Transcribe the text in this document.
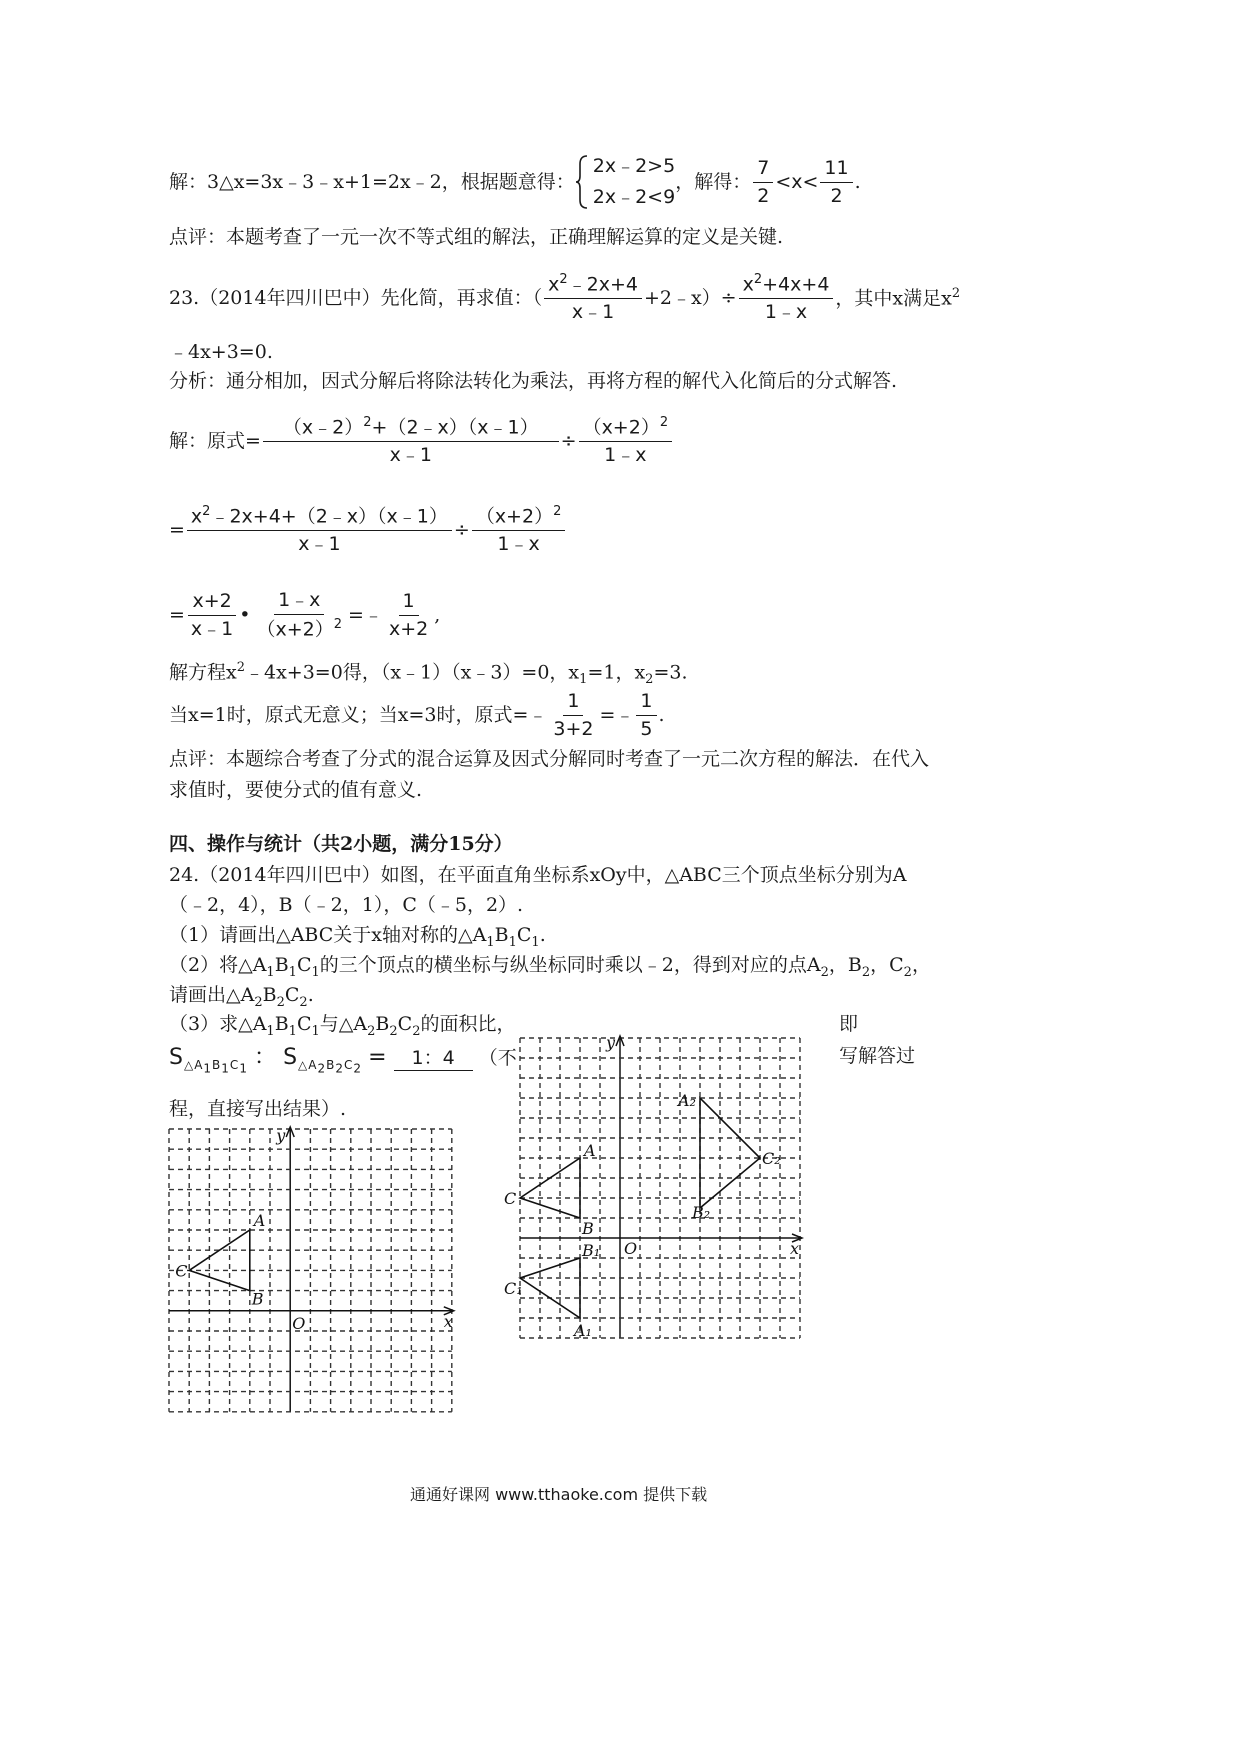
解：3△x=3x﹣3﹣x+1=2x﹣2，根据题意得：
2x﹣2>5
2x﹣2<9
，解得： $\frac{7}{2} <x< \frac{11}{2}$ .
点评：本题考查了一元一次不等式组的解法，正确理解运算的定义是关键.
23.（2014年四川巴中）先化简，再求值：（ $\frac{x^2﹣2x+4}{x﹣1}$ +2﹣x）÷ $\frac{x^2+4x+4}{1﹣x}$ ，其中x满足$x^2$
﹣4x+3=0.
分析：通分相加，因式分解后将除法转化为乘法，再将方程的解代入化简后的分式解答.
解：原式= $\frac{(x﹣2)^2+(2﹣x)(x﹣1)}{x﹣1} \div \frac{(x+2)^2}{1﹣x}$
= $\frac{x^2﹣2x+4+(2﹣x)(x﹣1)}{x﹣1} \div \frac{(x+2)^2}{1﹣x}$
= $\frac{x+2}{x﹣1}$ • $\frac{1﹣x}{(x+2)^2}$ =﹣ $\frac{1}{x+2}$ ,
解方程$x^2﹣4x+3=0$得，（x﹣1）（x﹣3）=0，$x_1=1$，$x_2=3$.
当x=1时，原式无意义；当x=3时，原式=﹣ $\frac{1}{3+2}$ =﹣ $\frac{1}{5}$ .
点评：本题综合考查了分式的混合运算及因式分解同时考查了一元二次方程的解法．在代入
求值时，要使分式的值有意义.
四、操作与统计（共2小题，满分15分）
24.（2014年四川巴中）如图，在平面直角坐标系xOy中，△ABC三个顶点坐标分别为A
（﹣2，4），B（﹣2，1），C（﹣5，2）.
（1）请画出△ABC关于x轴对称的$\triangle A_1B_1C_1$.
（2）将$\triangle A_1B_1C_1$的三个顶点的横坐标与纵坐标同时乘以﹣2，得到对应的点$A_2$，$B_2$，$C_2$，
请画出$\triangle A_2B_2C_2$.
（3）求$\triangle A_1B_1C_1$与$\triangle A_2B_2C_2$的面积比，	即
$S_{\triangle A_1B_1C_1}$ ： $S_{\triangle A_2B_2C_2} = 1$：4 （不	写解答过
程，直接写出结果）.
y
A
C
B
O	x
y
A₂
C₂
A
C
B₂
B
B₁ O	x
C₁
A₁
通通好课网 www.tthaoke.com 提供下载
